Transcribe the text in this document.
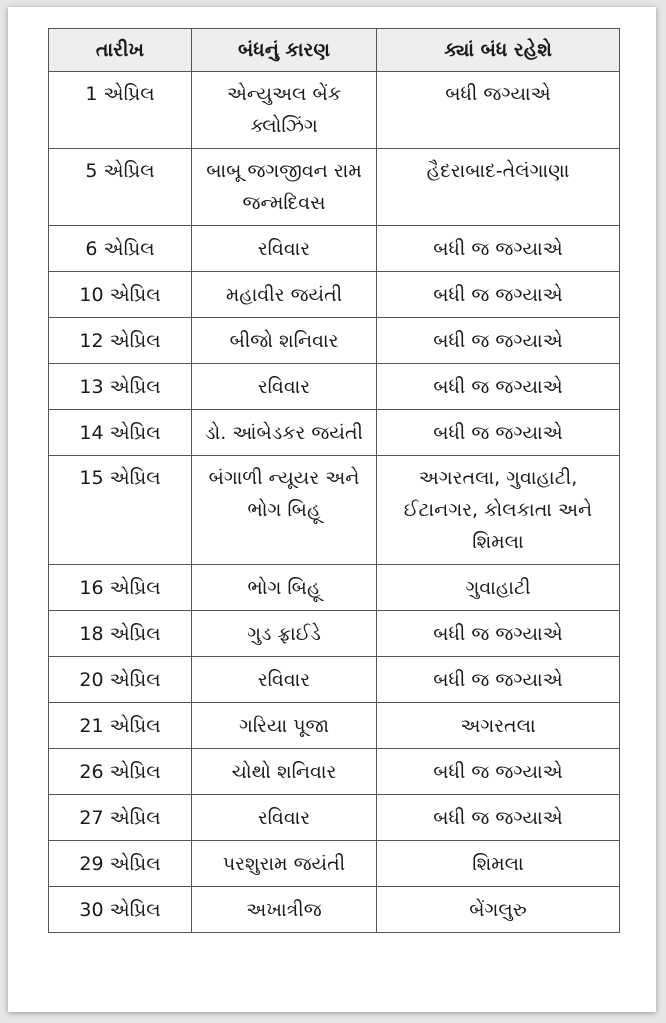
તારીખ	બંધનું કારણ	ક્યાં બંધ રહેશે
1 એપ્રિલ	એન્યુઅલ બેંક ક્લોઝિંગ	બધી જગ્યાએ
5 એપ્રિલ	બાબૂ જગજીવન રામ જન્મદિવસ	હૈદરાબાદ-તેલંગાણા
6 એપ્રિલ	રવિવાર	બધી જ જગ્યાએ
10 એપ્રિલ	મહાવીર જયંતી	બધી જ જગ્યાએ
12 એપ્રિલ	બીજો શનિવાર	બધી જ જગ્યાએ
13 એપ્રિલ	રવિવાર	બધી જ જગ્યાએ
14 એપ્રિલ	ડો. આંબેડકર જયંતી	બધી જ જગ્યાએ
15 એપ્રિલ	બંગાળી ન્યૂયર અને ભોગ બિહૂ	અગરતલા, ગુવાહાટી, ઈટાનગર, કોલકાતા અને શિમલા
16 એપ્રિલ	ભોગ બિહૂ	ગુવાહાટી
18 એપ્રિલ	ગુડ ફ્રાઈડે	બધી જ જગ્યાએ
20 એપ્રિલ	રવિવાર	બધી જ જગ્યાએ
21 એપ્રિલ	ગરિયા પૂજા	અગરતલા
26 એપ્રિલ	ચોથો શનિવાર	બધી જ જગ્યાએ
27 એપ્રિલ	રવિવાર	બધી જ જગ્યાએ
29 એપ્રિલ	પરશુરામ જયંતી	શિમલા
30 એપ્રિલ	અખાત્રીજ	બેંગલુરુ
